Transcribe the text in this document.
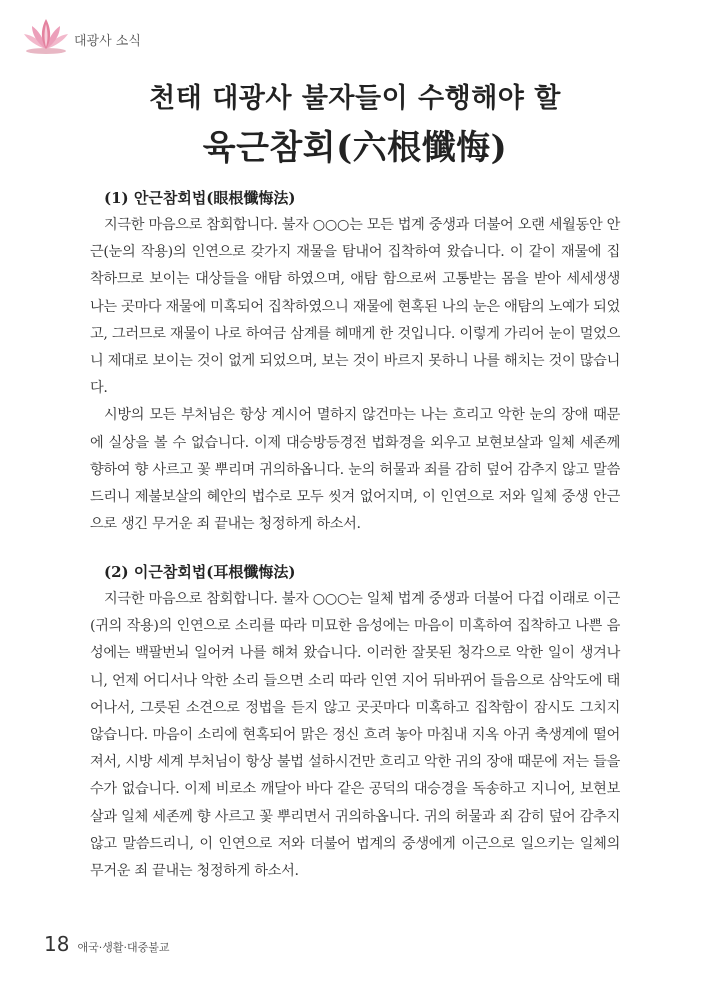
대광사 소식
천태 대광사 불자들이 수행해야 할
육근참회(六根懺悔)
(1) 안근참회법(眼根懺悔法)

지극한 마음으로 참회합니다. 불자 ○○○는 모든 법계 중생과 더불어 오랜 세월동안 안근(눈의 작용)의 인연으로 갖가지 재물을 탐내어 집착하여 왔습니다. 이 같이 재물에 집착하므로 보이는 대상들을 애탐 하였으며, 애탐 함으로써 고통받는 몸을 받아 세세생생 나는 곳마다 재물에 미혹되어 집착하였으니 재물에 현혹된 나의 눈은 애탐의 노예가 되었고, 그러므로 재물이 나로 하여금 삼계를 헤매게 한 것입니다. 이렇게 가리어 눈이 멀었으니 제대로 보이는 것이 없게 되었으며, 보는 것이 바르지 못하니 나를 해치는 것이 많습니다.

시방의 모든 부처님은 항상 계시어 멸하지 않건마는 나는 흐리고 악한 눈의 장애 때문에 실상을 볼 수 없습니다. 이제 대승방등경전 법화경을 외우고 보현보살과 일체 세존께 향하여 향 사르고 꽃 뿌리며 귀의하옵니다. 눈의 허물과 죄를 감히 덮어 감추지 않고 말씀드리니 제불보살의 혜안의 법수로 모두 씻겨 없어지며, 이 인연으로 저와 일체 중생 안근으로 생긴 무거운 죄 끝내는 청정하게 하소서.

(2) 이근참회법(耳根懺悔法)

지극한 마음으로 참회합니다. 불자 ○○○는 일체 법계 중생과 더불어 다겁 이래로 이근(귀의 작용)의 인연으로 소리를 따라 미묘한 음성에는 마음이 미혹하여 집착하고 나쁜 음성에는 백팔번뇌 일어켜 나를 해쳐 왔습니다. 이러한 잘못된 청각으로 악한 일이 생겨나니, 언제 어디서나 악한 소리 들으면 소리 따라 인연 지어 뒤바뀌어 들음으로 삼악도에 태어나서, 그릇된 소견으로 정법을 듣지 않고 곳곳마다 미혹하고 집착함이 잠시도 그치지 않습니다. 마음이 소리에 현혹되어 맑은 정신 흐려 놓아 마침내 지옥 아귀 축생계에 떨어져서, 시방 세계 부처님이 항상 불법 설하시건만 흐리고 악한 귀의 장애 때문에 저는 들을 수가 없습니다. 이제 비로소 깨달아 바다 같은 공덕의 대승경을 독송하고 지니어, 보현보살과 일체 세존께 향 사르고 꽃 뿌리면서 귀의하옵니다. 귀의 허물과 죄 감히 덮어 감추지 않고 말씀드리니, 이 인연으로 저와 더불어 법계의 중생에게 이근으로 일으키는 일체의 무거운 죄 끝내는 청정하게 하소서.

18 애국·생활·대중불교
